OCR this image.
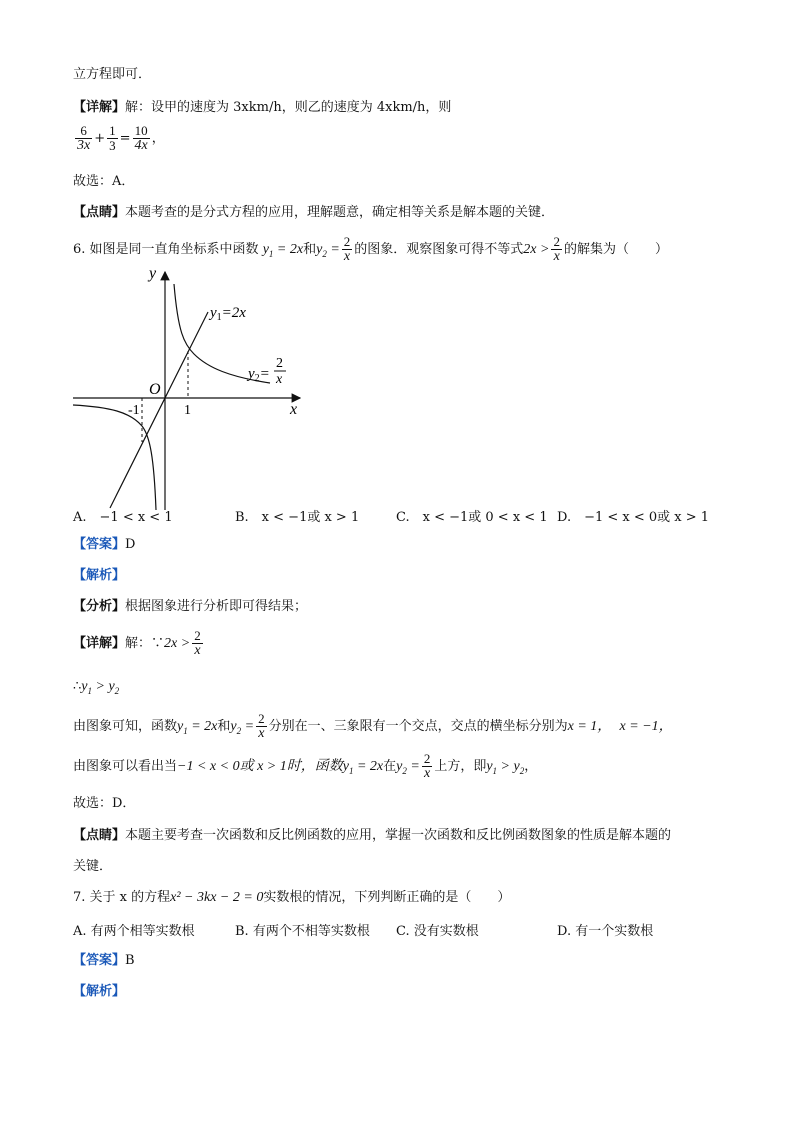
立方程即可．
【详解】解：设甲的速度为 3xkm/h，则乙的速度为 4xkm/h，则
$\frac{6}{3x} + \frac{1}{3} = \frac{10}{4x}$ ，
故选：A．
【点睛】本题考查的是分式方程的应用，理解题意，确定相等关系是解本题的关键．
6. 如图是同一直角坐标系中函数 $y_1 = 2x$和$y_2 = \frac{2}{x}$ 的图象．观察图象可得不等式$2x > \frac{2}{x}$ 的解集为（　　）
y
x
O
-1	1
$y_1=2x$
$y_2=$
2
x
A.　−1 < x < 1	B.　x < −1或 x > 1	C.　x < −1或 0 < x < 1 D.　−1 < x < 0或 x > 1
【答案】D
【解析】
【分析】根据图象进行分析即可得结果；
【详解】解：∵2x > $\frac{2}{x}$
$\therefore y_1 > y_2$
由图象可知，函数$y_1 = 2x$和$y_2 = \frac{2}{x}$ 分别在一、三象限有一个交点，交点的横坐标分别为x = 1， x = −1，
由图象可以看出当−1 < x < 0或 x > 1时，函数$y_1 = 2x$在$y_2 = \frac{2}{x}$ 上方，即$y_1 > y_2$，
故选：D．
【点睛】本题主要考查一次函数和反比例函数的应用，掌握一次函数和反比例函数图象的性质是解本题的
关键．
7. 关于 x 的方程x² − 3kx − 2 = 0实数根的情况，下列判断正确的是（　　）
A. 有两个相等实数根	B. 有两个不相等实数根 C. 没有实数根	D. 有一个实数根
【答案】B
【解析】
